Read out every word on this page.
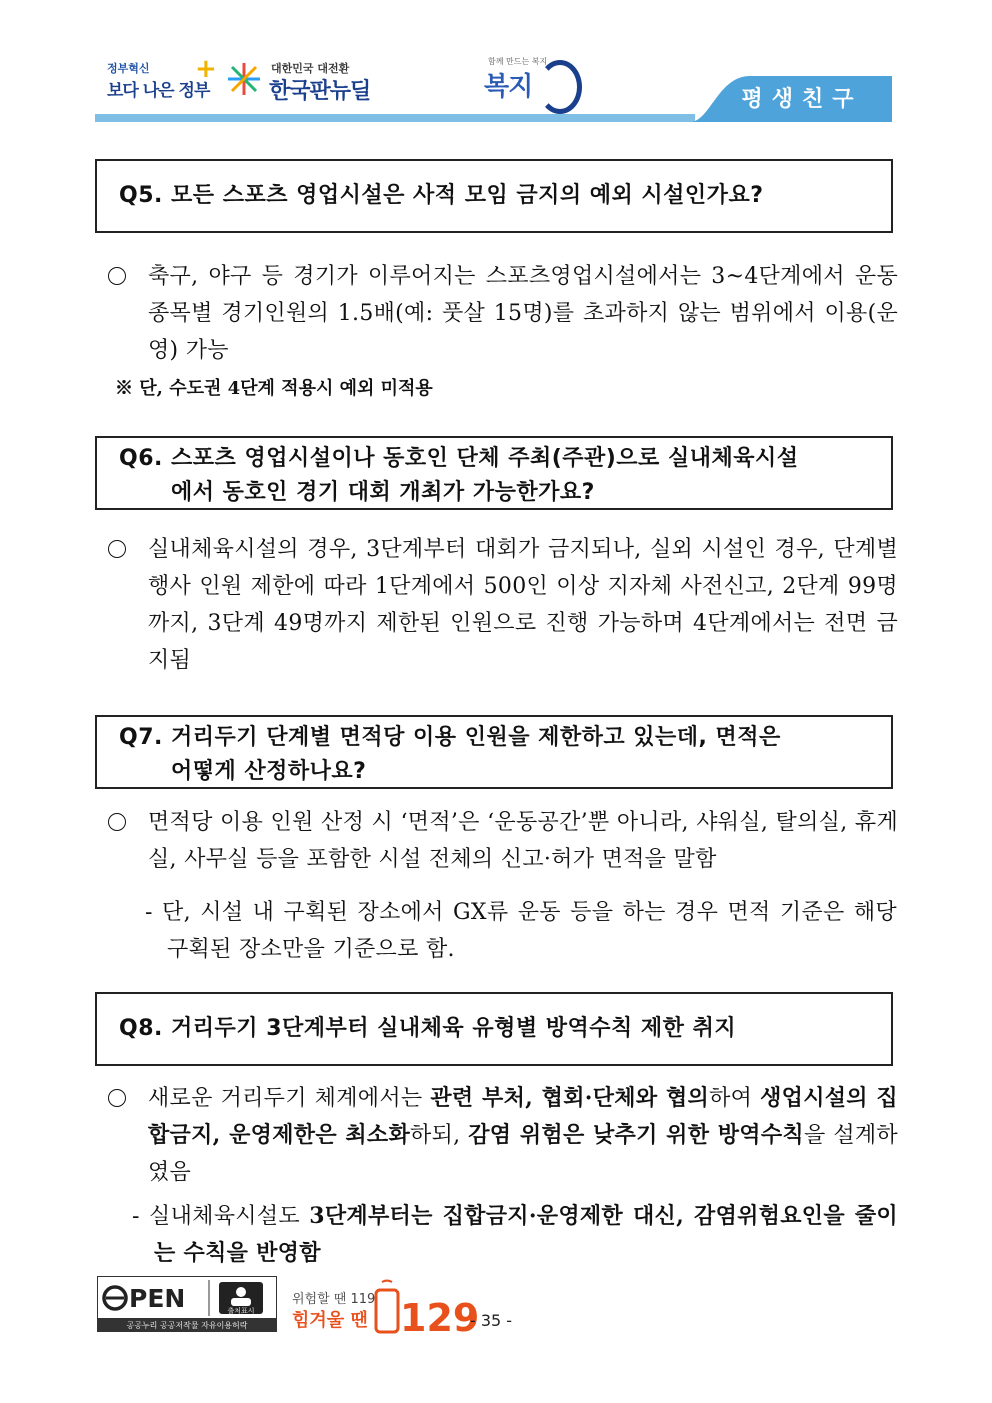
정부혁신
보다 나은 정부
+	대한민국 대전환
한국판뉴딜
함께 만드는 복지
복지	평생친구
Q5. 모든 스포츠 영업시설은 사적 모임 금지의 예외 시설인가요?
축구, 야구 등 경기가 이루어지는 스포츠영업시설에서는 3~4단계에서 운동 종목별 경기인원의 1.5배(예: 풋살 15명)를 초과하지 않는 범위에서 이용(운영) 가능
※ 단, 수도권 4단계 적용시 예외 미적용
Q6. 스포츠 영업시설이나 동호인 단체 주최(주관)으로 실내체육시설
에서 동호인 경기 대회 개최가 가능한가요?
실내체육시설의 경우, 3단계부터 대회가 금지되나, 실외 시설인 경우, 단계별 행사 인원 제한에 따라 1단계에서 500인 이상 지자체 사전신고, 2단계 99명까지, 3단계 49명까지 제한된 인원으로 진행 가능하며 4단계에서는 전면 금지됨
Q7. 거리두기 단계별 면적당 이용 인원을 제한하고 있는데, 면적은
어떻게 산정하나요?
면적당 이용 인원 산정 시 ‘면적’은 ‘운동공간’뿐 아니라, 샤워실, 탈의실, 휴게실, 사무실 등을 포함한 시설 전체의 신고·허가 면적을 말함
- 단, 시설 내 구획된 장소에서 GX류 운동 등을 하는 경우 면적 기준은 해당 구획된 장소만을 기준으로 함.
Q8. 거리두기 3단계부터 실내체육 유형별 방역수칙 제한 취지
새로운 거리두기 체계에서는 관련 부처, 협회·단체와 협의하여 생업시설의 집합금지, 운영제한은 최소화하되, 감염 위험은 낮추기 위한 방역수칙을 설계하였음
- 실내체육시설도 3단계부터는 집합금지·운영제한 대신, 감염위험요인을 줄이는 수칙을 반영함
PEN	출처표시
공공누리 공공저작물 자유이용허락
위험할 땐 119
힘겨울 땐 129
- 35 -
